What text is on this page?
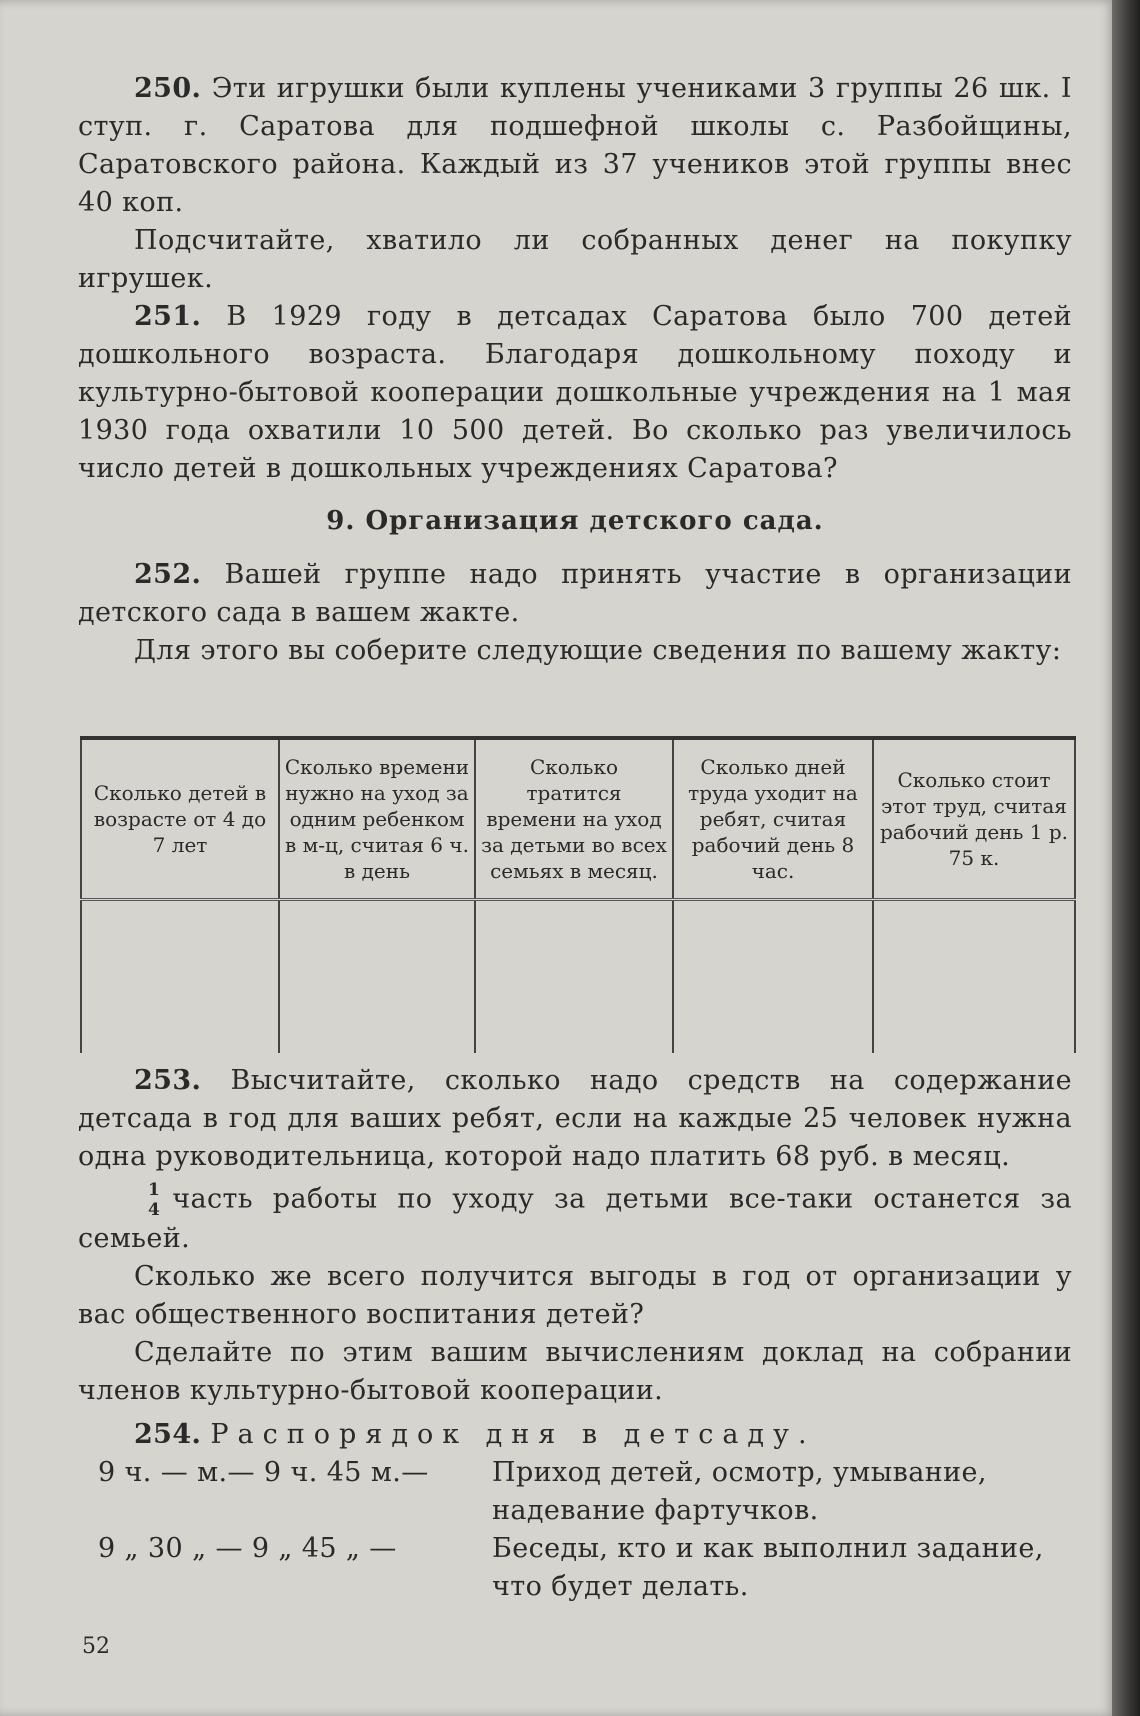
250. Эти игрушки были куплены учениками 3 группы 26 шк. I ступ. г. Саратова для подшефной школы с. Разбойщины, Саратовского района. Каждый из 37 учеников этой группы внес 40 коп.

Подсчитайте, хватило ли собранных денег на покупку игрушек.

251. В 1929 году в детсадах Саратова было 700 детей дошкольного возраста. Благодаря дошкольному походу и культурно-бытовой кооперации дошкольные учреждения на 1 мая 1930 года охватили 10 500 детей. Во сколько раз увеличилось число детей в дошкольных учреждениях Саратова?

9. Организация детского сада.

252. Вашей группе надо принять участие в организации детского сада в вашем жакте.

Для этого вы соберите следующие сведения по вашему жакту:

Сколько детей в возрасте от 4 до 7 лет	Сколько времени нужно на уход за одним ребенком в м-ц, считая 6 ч. в день	Сколько тратится времени на уход за детьми во всех семьях в месяц.	Сколько дней труда уходит на ребят, считая рабочий день 8 час.	Сколько стоит этот труд, считая рабочий день 1 р. 75 к.

253. Высчитайте, сколько надо средств на содержание детсада в год для ваших ребят, если на каждые 25 человек нужна одна руководительница, которой надо платить 68 руб. в месяц.

1
4 часть работы по уходу за детьми все-таки останется за семьей.

Сколько же всего получится выгоды в год от организации у вас общественного воспитания детей?

Сделайте по этим вашим вычислениям доклад на собрании членов культурно-бытовой кооперации.

254. Распорядок дня в детсаду.

9 ч. — м.— 9 ч. 45 м.—	Приход детей, осмотр, умывание, надевание фартучков.
9 „ 30 „ — 9 „ 45 „ —	Беседы, кто и как выполнил задание, что будет делать.
52
